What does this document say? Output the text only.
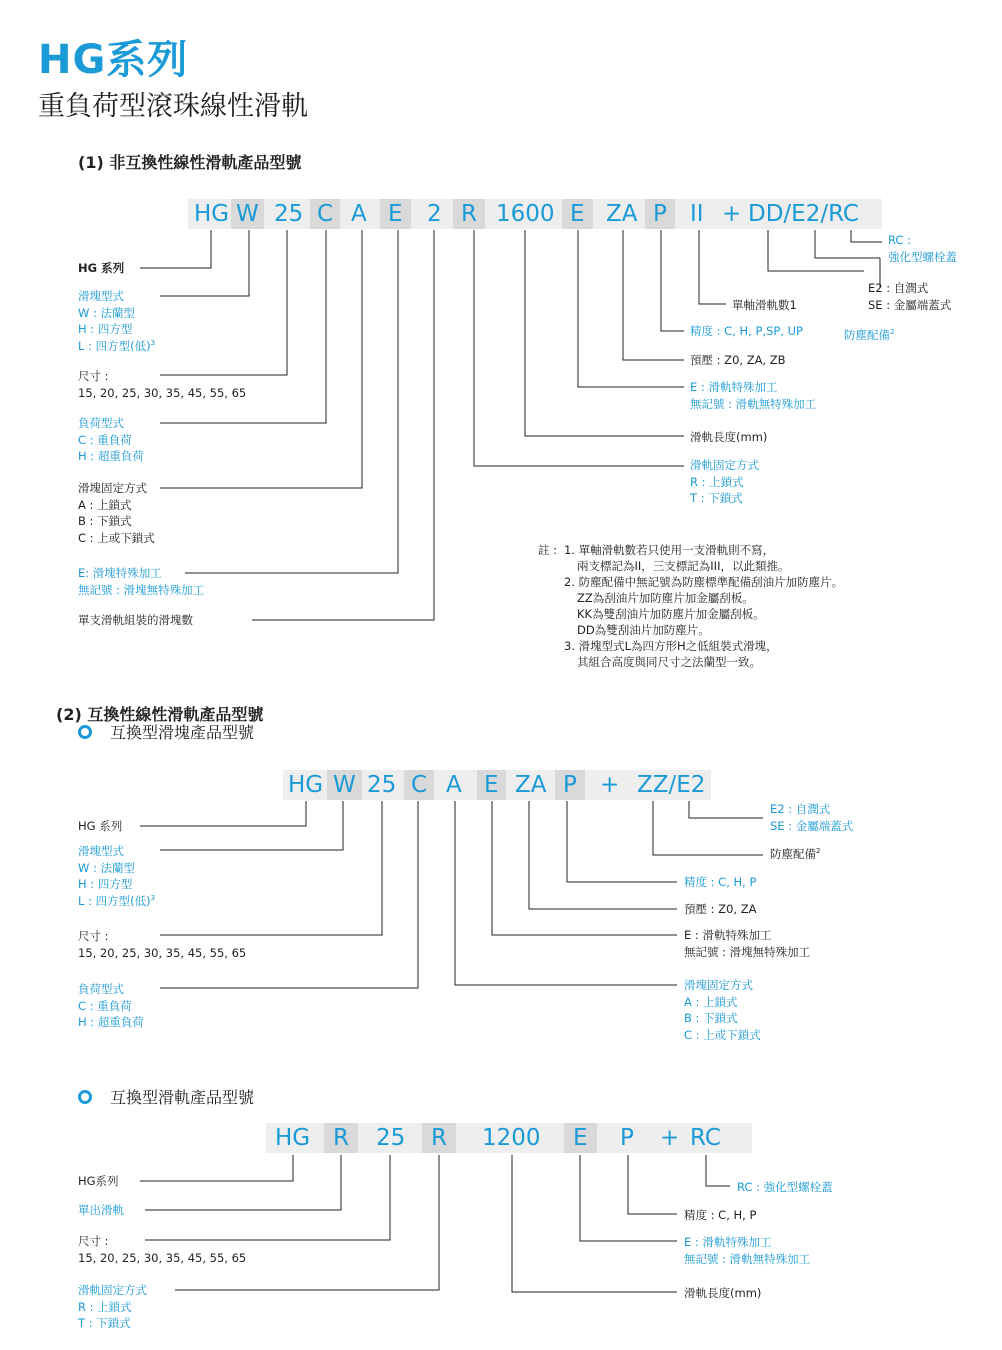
HG系列
重負荷型滾珠線性滑軌
(1) 非互換性線性滑軌產品型號
HG W 25 C A E	2 R 1600 E ZA P	II + DD/E2/RC
HG 系列
滑塊型式
W : 法蘭型
H : 四方型
L : 四方型(低)$^3$
尺寸 :
15, 20, 25, 30, 35, 45, 55, 65
負荷型式
C : 重負荷
H : 超重負荷
滑塊固定方式
A : 上鎖式
B : 下鎖式
C : 上或下鎖式
E: 滑塊特殊加工
無記號 : 滑塊無特殊加工
單支滑軌組裝的滑塊數
RC :
強化型螺栓蓋
E2 : 自潤式
SE : 金屬端蓋式
單軸滑軌數1
防塵配備$^2$
精度 : C, H, P,SP, UP
預壓 : Z0, ZA, ZB
E : 滑軌特殊加工
無記號 : 滑軌無特殊加工
滑軌長度(mm)
滑軌固定方式
R : 上鎖式
T : 下鎖式
註 : 1. 單軸滑軌數若只使用一支滑軌則不寫，
兩支標記為II，三支標記為III，以此類推。
2. 防塵配備中無記號為防塵標準配備刮油片加防塵片。
ZZ為刮油片加防塵片加金屬刮板。
KK為雙刮油片加防塵片加金屬刮板。
DD為雙刮油片加防塵片。
3. 滑塊型式L為四方形H之低組裝式滑塊，
其組合高度與同尺寸之法蘭型一致。
(2) 互換性線性滑軌產品型號
互換型滑塊產品型號
HG W 25 C A E ZA P	+ ZZ/E2
HG 系列
滑塊型式
W : 法蘭型
H : 四方型
L : 四方型(低)$^3$
尺寸 :
15, 20, 25, 30, 35, 45, 55, 65
負荷型式
C : 重負荷
H : 超重負荷
E2 : 自潤式
SE : 金屬端蓋式
防塵配備$^2$
精度 : C, H, P
預壓 : Z0, ZA
E : 滑軌特殊加工
無記號 : 滑塊無特殊加工
滑塊固定方式
A : 上鎖式
B : 下鎖式
C : 上或下鎖式
互換型滑軌產品型號
HG R	25	R	1200	E	P + RC
HG系列
單出滑軌
尺寸 :
15, 20, 25, 30, 35, 45, 55, 65
滑軌固定方式
R : 上鎖式
T : 下鎖式
RC : 強化型螺栓蓋
精度 : C, H, P
E : 滑軌特殊加工
無記號 : 滑軌無特殊加工
滑軌長度(mm)
